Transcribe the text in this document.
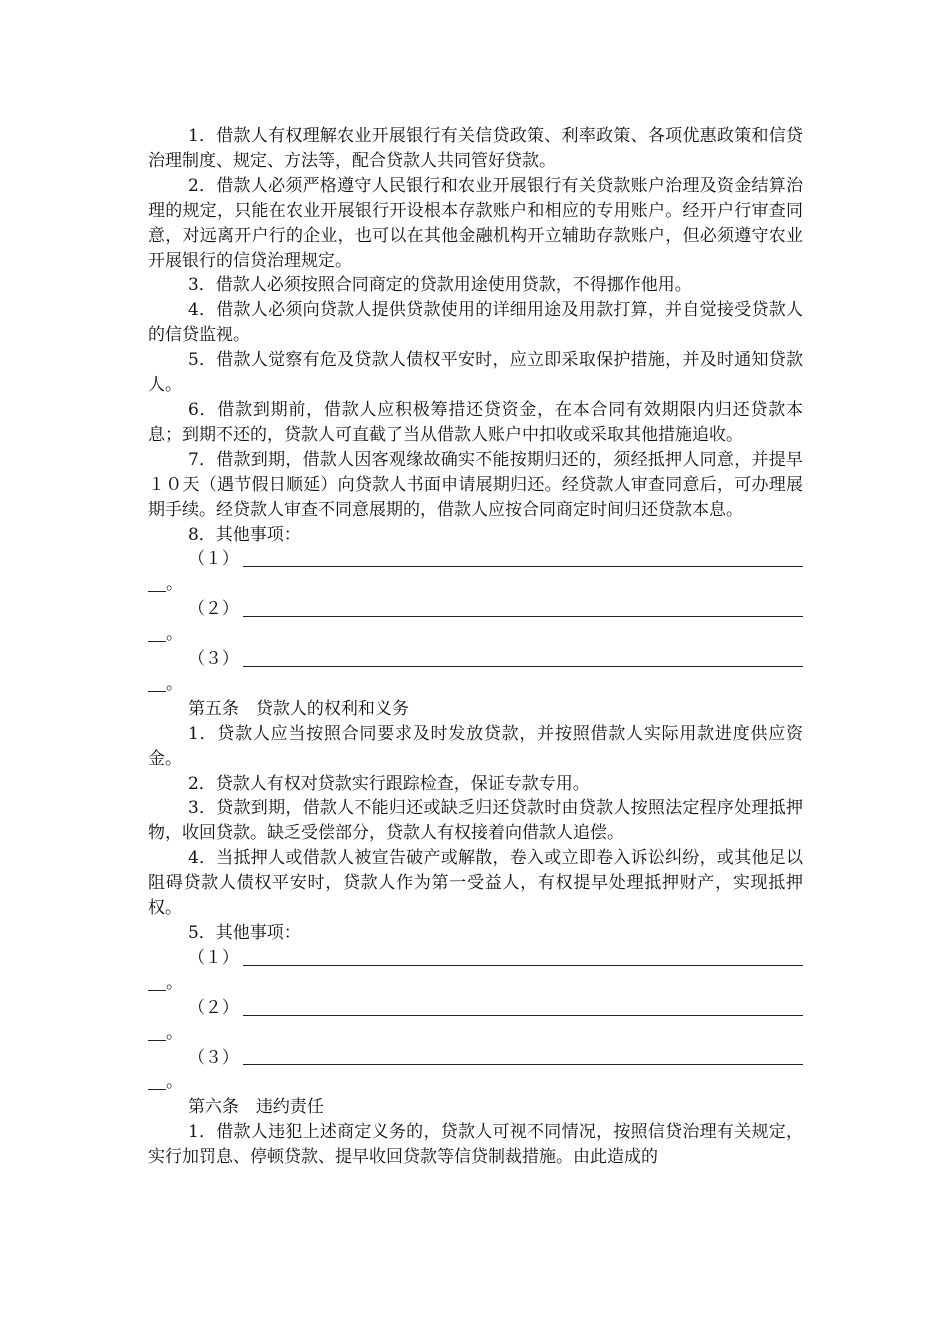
1．借款人有权理解农业开展银行有关信贷政策、利率政策、各项优惠政策和信贷治理制度、规定、方法等，配合贷款人共同管好贷款。

2．借款人必须严格遵守人民银行和农业开展银行有关贷款账户治理及资金结算治理的规定，只能在农业开展银行开设根本存款账户和相应的专用账户。经开户行审查同意，对远离开户行的企业，也可以在其他金融机构开立辅助存款账户，但必须遵守农业开展银行的信贷治理规定。

3．借款人必须按照合同商定的贷款用途使用贷款，不得挪作他用。

4．借款人必须向贷款人提供贷款使用的详细用途及用款打算，并自觉接受贷款人的信贷监视。

5．借款人觉察有危及贷款人债权平安时，应立即采取保护措施，并及时通知贷款人。

6．借款到期前，借款人应积极筹措还贷资金，在本合同有效期限内归还贷款本息；到期不还的，贷款人可直截了当从借款人账户中扣收或采取其他措施追收。

7．借款到期，借款人因客观缘故确实不能按期归还的，须经抵押人同意，并提早１０天（遇节假日顺延）向贷款人书面申请展期归还。经贷款人审查同意后，可办理展期手续。经贷款人审查不同意展期的，借款人应按合同商定时间归还贷款本息。

8．其他事项：

（１）
。
（２）
。
（３）
。

第五条　贷款人的权利和义务

1．贷款人应当按照合同要求及时发放贷款，并按照借款人实际用款进度供应资金。

2．贷款人有权对贷款实行跟踪检查，保证专款专用。

3．贷款到期，借款人不能归还或缺乏归还贷款时由贷款人按照法定程序处理抵押物，收回贷款。缺乏受偿部分，贷款人有权接着向借款人追偿。

4．当抵押人或借款人被宣告破产或解散，卷入或立即卷入诉讼纠纷，或其他足以阻碍贷款人债权平安时，贷款人作为第一受益人，有权提早处理抵押财产，实现抵押权。

5．其他事项：

（１）
。
（２）
。
（３）
。

第六条　违约责任

1．借款人违犯上述商定义务的，贷款人可视不同情况，按照信贷治理有关规定，实行加罚息、停顿贷款、提早收回贷款等信贷制裁措施。由此造成的
